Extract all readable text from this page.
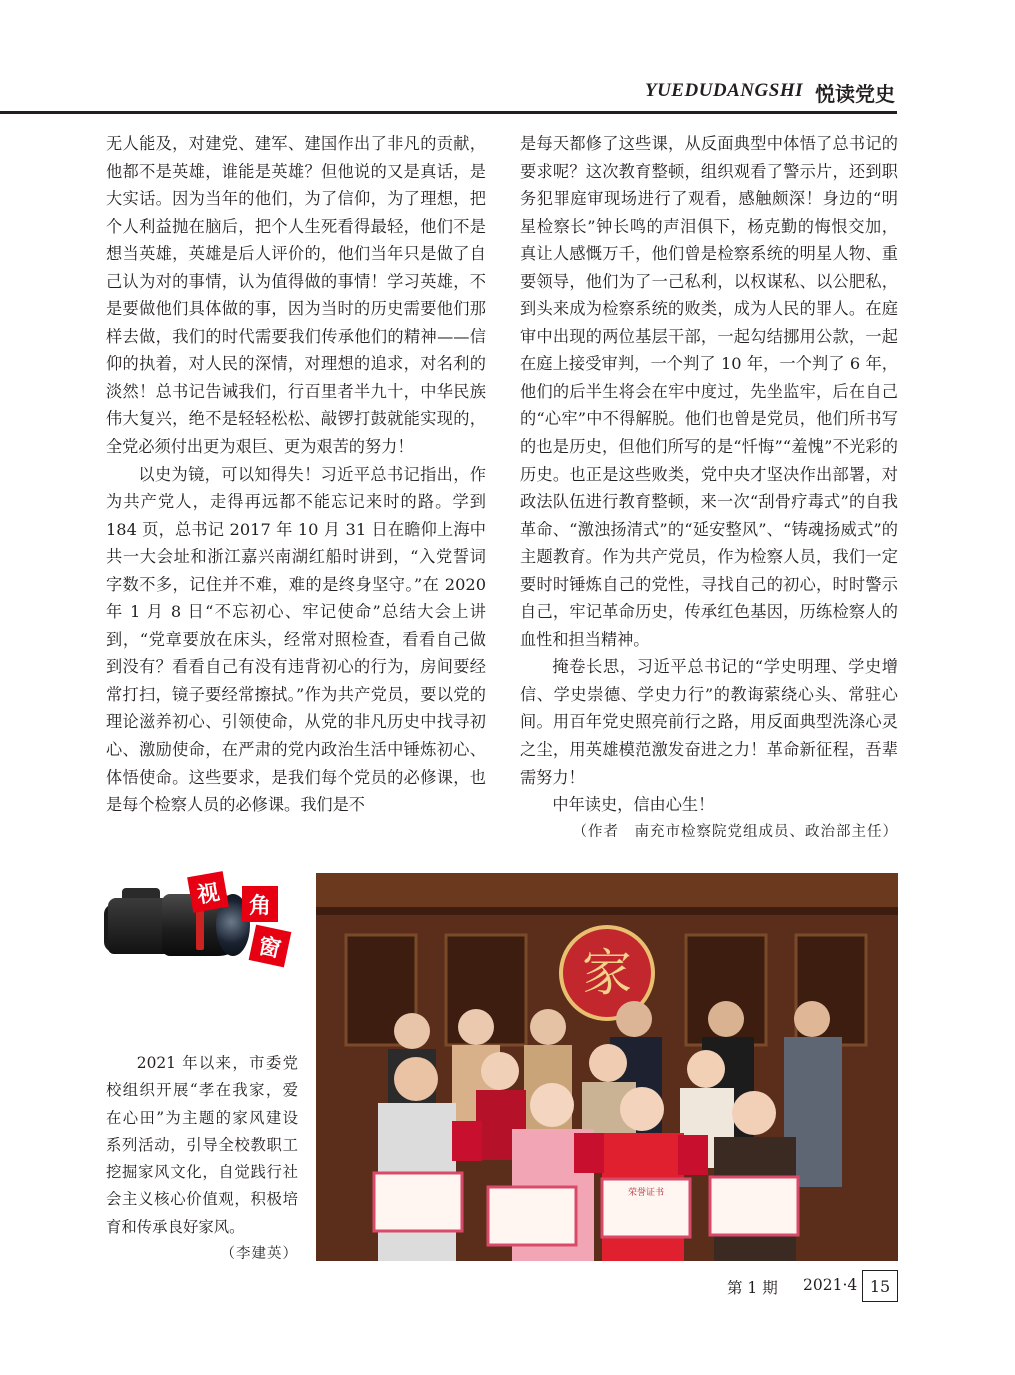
YUEDUDANGSHI 悦读党史

无人能及，对建党、建军、建国作出了非凡的贡献，他都不是英雄，谁能是英雄？但他说的又是真话，是大实话。因为当年的他们，为了信仰，为了理想，把个人利益抛在脑后，把个人生死看得最轻，他们不是想当英雄，英雄是后人评价的，他们当年只是做了自己认为对的事情，认为值得做的事情！学习英雄，不是要做他们具体做的事，因为当时的历史需要他们那样去做，我们的时代需要我们传承他们的精神——信仰的执着，对人民的深情，对理想的追求，对名利的淡然！总书记告诫我们，行百里者半九十，中华民族伟大复兴，绝不是轻轻松松、敲锣打鼓就能实现的，全党必须付出更为艰巨、更为艰苦的努力！

以史为镜，可以知得失！习近平总书记指出，作为共产党人，走得再远都不能忘记来时的路。学到184 页，总书记 2017 年 10 月 31 日在瞻仰上海中共一大会址和浙江嘉兴南湖红船时讲到，“入党誓词字数不多，记住并不难，难的是终身坚守。”在 2020 年 1 月 8 日“不忘初心、牢记使命”总结大会上讲到，“党章要放在床头，经常对照检查，看看自己做到没有？看看自己有没有违背初心的行为，房间要经常打扫，镜子要经常擦拭。”作为共产党员，要以党的理论滋养初心、引领使命，从党的非凡历史中找寻初心、激励使命，在严肃的党内政治生活中锤炼初心、体悟使命。这些要求，是我们每个党员的必修课，也是每个检察人员的必修课。我们是不

是每天都修了这些课，从反面典型中体悟了总书记的要求呢？这次教育整顿，组织观看了警示片，还到职务犯罪庭审现场进行了观看，感触颇深！身边的“明星检察长”钟长鸣的声泪俱下，杨克勤的悔恨交加，真让人感慨万千，他们曾是检察系统的明星人物、重要领导，他们为了一己私利，以权谋私、以公肥私，到头来成为检察系统的败类，成为人民的罪人。在庭审中出现的两位基层干部，一起勾结挪用公款，一起在庭上接受审判，一个判了 10 年，一个判了 6 年，他们的后半生将会在牢中度过，先坐监牢，后在自己的“心牢”中不得解脱。他们也曾是党员，他们所书写的也是历史，但他们所写的是“忏悔”“羞愧”不光彩的历史。也正是这些败类，党中央才坚决作出部署，对政法队伍进行教育整顿，来一次“刮骨疗毒式”的自我革命、“激浊扬清式”的“延安整风”、“铸魂扬威式”的主题教育。作为共产党员，作为检察人员，我们一定要时时锤炼自己的党性，寻找自己的初心，时时警示自己，牢记革命历史，传承红色基因，历练检察人的血性和担当精神。

掩卷长思，习近平总书记的“学史明理、学史增信、学史崇德、学史力行”的教诲萦绕心头、常驻心间。用百年党史照亮前行之路，用反面典型洗涤心灵之尘，用英雄模范激发奋进之力！革命新征程，吾辈需努力！

中年读史，信由心生！

（作者　南充市检察院党组成员、政治部主任）

视	角
窗

2021 年以来，市委党校组织开展“孝在我家，爱在心田”为主题的家风建设系列活动，引导全校教职工挖掘家风文化，自觉践行社会主义核心价值观，积极培育和传承良好家风。

（李建英）

家
荣誉证书
第 1 期 2021·4 15
